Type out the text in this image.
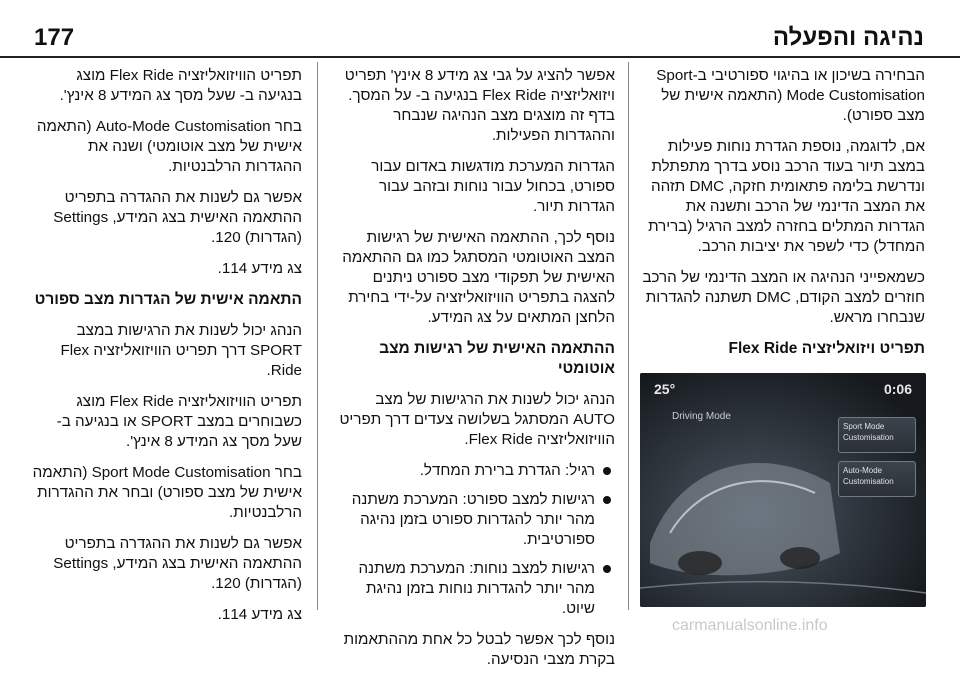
177	נהיגה והפעלה

הבחירה בשיכון או בהיגוי ספורטיבי ב-Sport Mode Customisation (התאמה אישית של מצב ספורט).

אם, לדוגמה, נוספת הגדרת נוחות פעילות במצב תיור בעוד הרכב נוסע בדרך מתפתלת ונדרשת בלימה פתאומית חזקה, DMC תזהה את המצב הדינמי של הרכב ותשנה את הגדרות המתלים בחזרה למצב הרגיל (ברירת המחדל) כדי לשפר את יציבות הרכב.

כשמאפייני הנהיגה או המצב הדינמי של הרכב חוזרים למצב הקודם, DMC תשתנה להגדרות שנבחרו מראש.

תפריט ויזואליזציה Flex Ride
25°	0:06
Driving Mode
Sport Mode Customisation
Auto-Mode Customisation

אפשר להציג על גבי צג מידע 8 אינץ' תפריט ויזואליזציה Flex Ride בנגיעה ב- על המסך. בדף זה מוצגים מצב הנהיגה שנבחר וההגדרות הפעילות.

הגדרות המערכת מודגשות באדום עבור ספורט, בכחול עבור נוחות ובזהב עבור הגדרות תיור.

נוסף לכך, ההתאמה האישית של רגישות המצב האוטומטי המסתגל כמו גם ההתאמה האישית של תפקודי מצב ספורט ניתנים להצגה בתפריט הוויזואליזציה על-ידי בחירת הלחצן המתאים על צג המידע.

ההתאמה האישית של רגישות מצב אוטומטי

הנהג יכול לשנות את הרגישות של מצב AUTO המסתגל בשלושה צעדים דרך תפריט הוויזואליזציה Flex Ride.

רגיל: הגדרת ברירת המחדל.
רגישות למצב ספורט: המערכת משתנה מהר יותר להגדרות ספורט בזמן נהיגה ספורטיבית.
רגישות למצב נוחות: המערכת משתנה מהר יותר להגדרות נוחות בזמן נהיגת שיוט.

נוסף לכך אפשר לבטל כל אחת מההתאמות בקרת מצבי הנסיעה.

תפריט הוויזואליזציה Flex Ride מוצג בנגיעה ב- שעל מסך צג המידע 8 אינץ'.

בחר Auto-Mode Customisation (התאמה אישית של מצב אוטומטי) ושנה את ההגדרות הרלבנטיות.

אפשר גם לשנות את ההגדרה בתפריט ההתאמה האישית בצג המידע, Settings (הגדרות) 120.

צג מידע 114.

התאמה אישית של הגדרות מצב ספורט

הנהג יכול לשנות את הרגישות במצב SPORT דרך תפריט הוויזואליזציה Flex Ride.

תפריט הוויזואליזציה Flex Ride מוצג כשבוחרים במצב SPORT או בנגיעה ב- שעל מסך צג המידע 8 אינץ'.

בחר Sport Mode Customisation (התאמה אישית של מצב ספורט) ובחר את ההגדרות הרלבנטיות.

אפשר גם לשנות את ההגדרה בתפריט ההתאמה האישית בצג המידע, Settings (הגדרות) 120.

צג מידע 114.

carmanualsonline.info
